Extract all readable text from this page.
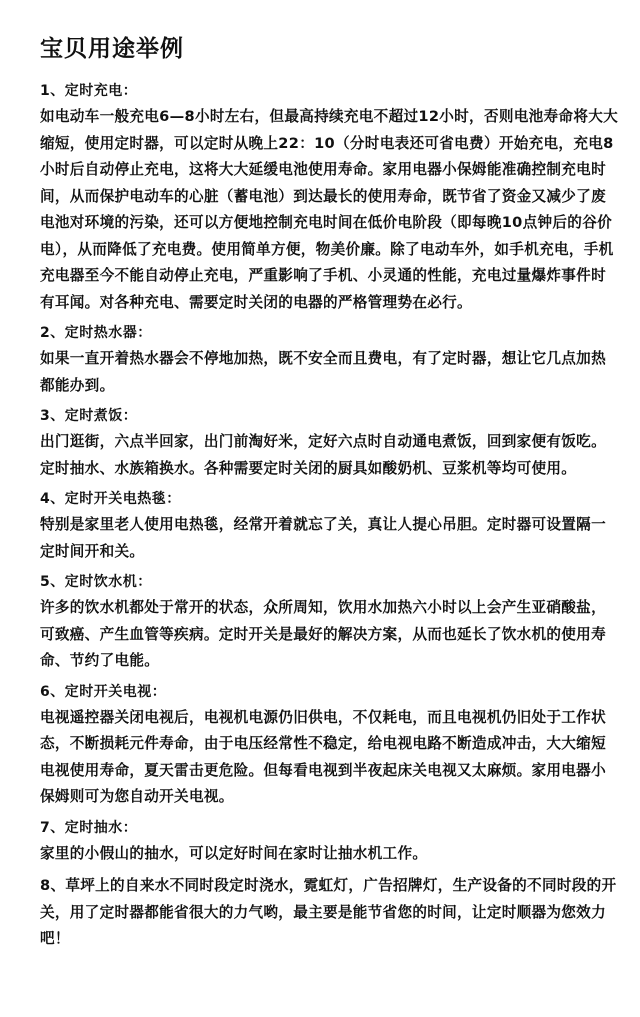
宝贝用途举例

1、定时充电：

如电动车一般充电6—8小时左右，但最高持续充电不超过12小时，否则电池寿命将大大缩短，使用定时器，可以定时从晚上22：10（分时电表还可省电费）开始充电，充电8小时后自动停止充电，这将大大延缓电池使用寿命。家用电器小保姆能准确控制充电时间，从而保护电动车的心脏（蓄电池）到达最长的使用寿命，既节省了资金又减少了废电池对环境的污染，还可以方便地控制充电时间在低价电阶段（即每晚10点钟后的谷价电），从而降低了充电费。使用简单方便，物美价廉。除了电动车外，如手机充电，手机充电器至今不能自动停止充电，严重影响了手机、小灵通的性能，充电过量爆炸事件时有耳闻。对各种充电、需要定时关闭的电器的严格管理势在必行。

2、定时热水器：

如果一直开着热水器会不停地加热，既不安全而且费电，有了定时器，想让它几点加热都能办到。

3、定时煮饭：

出门逛街，六点半回家，出门前淘好米，定好六点时自动通电煮饭，回到家便有饭吃。定时抽水、水族箱换水。各种需要定时关闭的厨具如酸奶机、豆浆机等均可使用。

4、定时开关电热毯：

特别是家里老人使用电热毯，经常开着就忘了关，真让人提心吊胆。定时器可设置隔一定时间开和关。

5、定时饮水机：

许多的饮水机都处于常开的状态，众所周知，饮用水加热六小时以上会产生亚硝酸盐，可致癌、产生血管等疾病。定时开关是最好的解决方案，从而也延长了饮水机的使用寿命、节约了电能。

6、定时开关电视：

电视遥控器关闭电视后，电视机电源仍旧供电，不仅耗电，而且电视机仍旧处于工作状态，不断损耗元件寿命，由于电压经常性不稳定，给电视电路不断造成冲击，大大缩短电视使用寿命，夏天雷击更危险。但每看电视到半夜起床关电视又太麻烦。家用电器小保姆则可为您自动开关电视。

7、定时抽水：

家里的小假山的抽水，可以定好时间在家时让抽水机工作。

8、草坪上的自来水不同时段定时浇水，霓虹灯，广告招牌灯，生产设备的不同时段的开关，用了定时器都能省很大的力气哟，最主要是能节省您的时间，让定时顺器为您效力吧！
